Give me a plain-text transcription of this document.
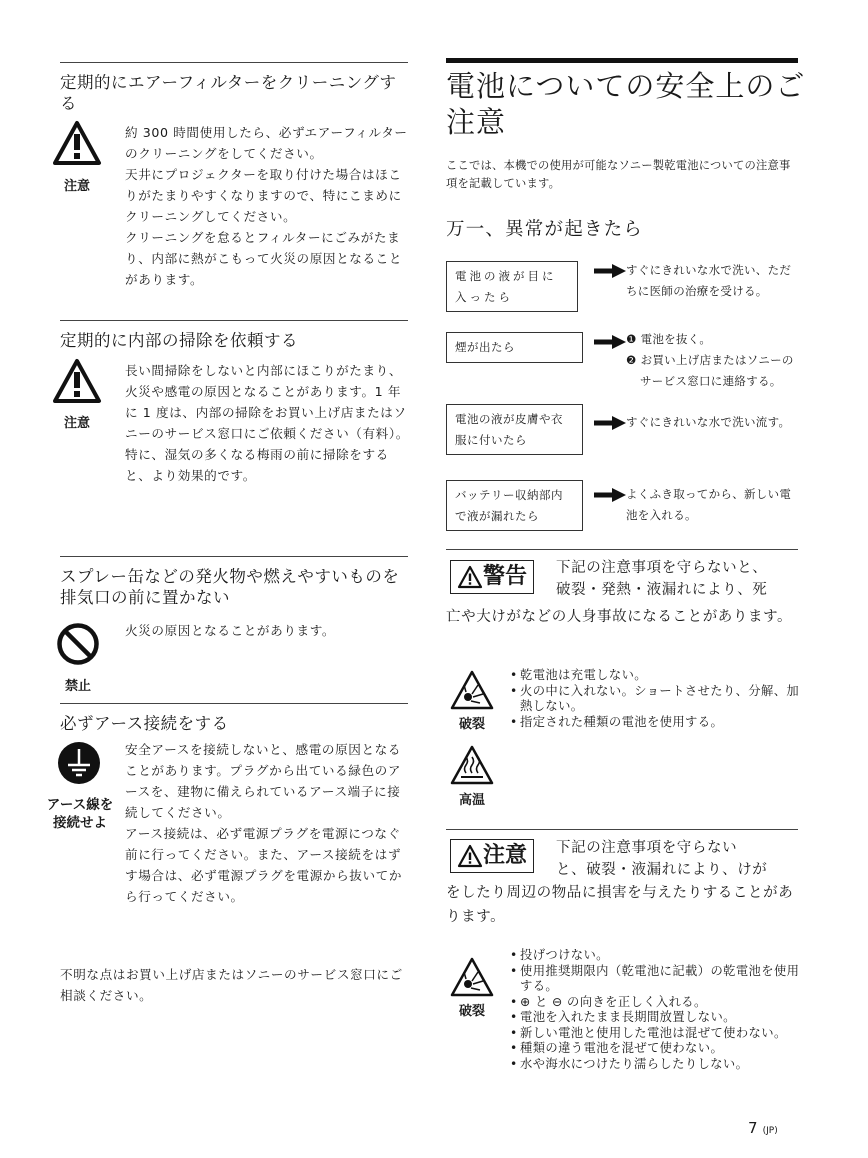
定期的にエアーフィルターをクリーニングする
注意

約 300 時間使用したら、必ずエアーフィルターのクリーニングをしてください。

天井にプロジェクターを取り付けた場合はほこりがたまりやすくなりますので、特にこまめにクリーニングしてください。

クリーニングを怠るとフィルターにごみがたまり、内部に熱がこもって火災の原因となることがあります。

定期的に内部の掃除を依頼する
注意

長い間掃除をしないと内部にほこりがたまり、火災や感電の原因となることがあります。1 年に 1 度は、内部の掃除をお買い上げ店またはソニーのサービス窓口にご依頼ください（有料）。

特に、湿気の多くなる梅雨の前に掃除をすると、より効果的です。

スプレー缶などの発火物や燃えやすいものを排気口の前に置かない
禁止

火災の原因となることがあります。

必ずアース接続をする
アース線を
接続せよ

安全アースを接続しないと、感電の原因となることがあります。プラグから出ている緑色のアースを、建物に備えられているアース端子に接続してください。

アース接続は、必ず電源プラグを電源につなぐ前に行ってください。また、アース接続をはずす場合は、必ず電源プラグを電源から抜いてから行ってください。

不明な点はお買い上げ店またはソニーのサービス窓口にご相談ください。
電池についての安全上のご注意
ここでは、本機での使用が可能なソニー製乾電池についての注意事項を記載しています。
万一、異常が起きたら
電池の液が目に入ったら
すぐにきれいな水で洗い、ただちに医師の治療を受ける。
煙が出たら
❶ 電池を抜く。
❷ お買い上げ店またはソニーのサービス窓口に連絡する。
電池の液が皮膚や衣服に付いたら
すぐにきれいな水で洗い流す。
バッテリー収納部内で液が漏れたら
よくふき取ってから、新しい電池を入れる。
警告 下記の注意事項を守らないと、
破裂・発熱・液漏れにより、死
亡や大けがなどの人身事故になることがあります。
破裂
高温
• 乾電池は充電しない。
• 火の中に入れない。ショートさせたり、分解、加熱しない。
• 指定された種類の電池を使用する。
注意 下記の注意事項を守らない
と、破裂・液漏れにより、けが
をしたり周辺の物品に損害を与えたりすることがあります。
破裂
• 投げつけない。
• 使用推奨期限内（乾電池に記載）の乾電池を使用する。
• ⊕ と ⊖ の向きを正しく入れる。
• 電池を入れたまま長期間放置しない。
• 新しい電池と使用した電池は混ぜて使わない。
• 種類の違う電池を混ぜて使わない。
• 水や海水につけたり濡らしたりしない。
7 (JP)
